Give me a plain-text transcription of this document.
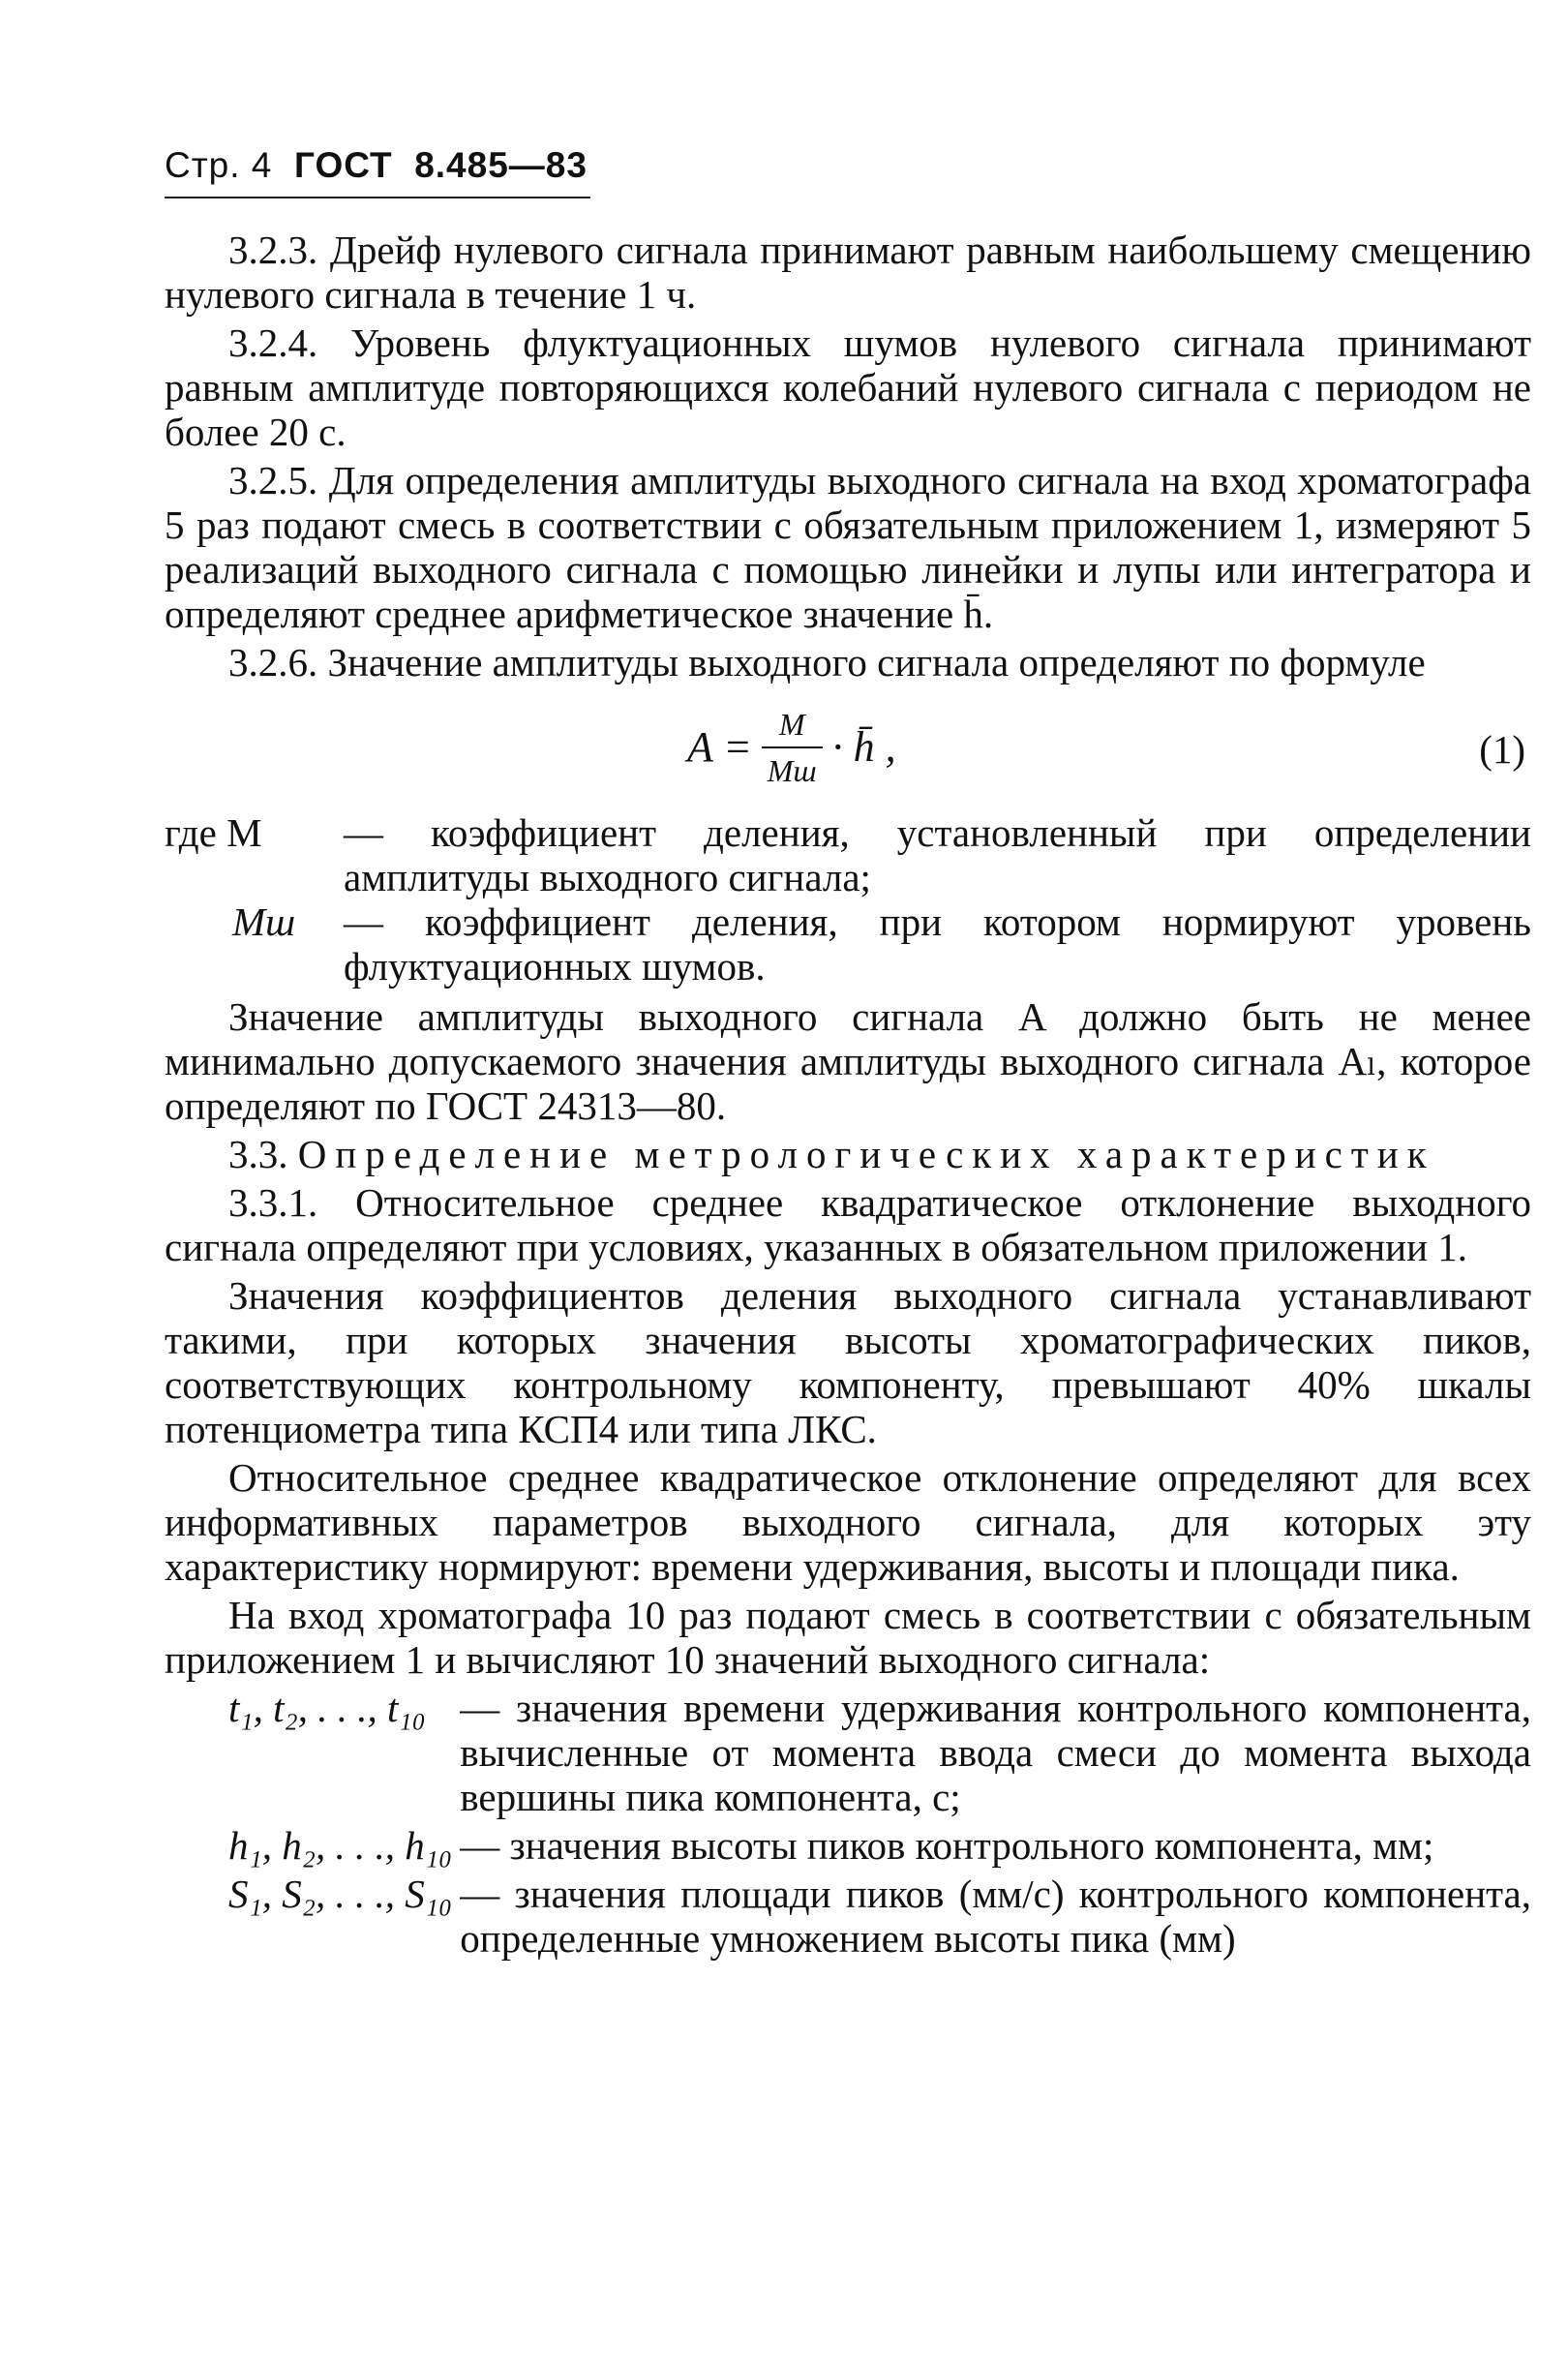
Стр. 4 ГОСТ 8.485—83

3.2.3. Дрейф нулевого сигнала принимают равным наибольшему смещению нулевого сигнала в течение 1 ч.

3.2.4. Уровень флуктуационных шумов нулевого сигнала принимают равным амплитуде повторяющихся колебаний нулевого сигнала с периодом не более 20 с.

3.2.5. Для определения амплитуды выходного сигнала на вход хроматографа 5 раз подают смесь в соответствии с обязательным приложением 1, измеряют 5 реализаций выходного сигнала с помощью линейки и лупы или интегратора и определяют среднее арифметическое значение h̄.

3.2.6. Значение амплитуды выходного сигнала определяют по формуле

$A = \frac{M}{Mш}$ · h̄ ,	(1)
где M	— коэффициент деления, установленный при определении амплитуды выходного сигнала;
Mш	— коэффициент деления, при котором нормируют уровень флуктуационных шумов.

Значение амплитуды выходного сигнала A должно быть не менее минимально допускаемого значения амплитуды выходного сигнала Aₗ, которое определяют по ГОСТ 24313—80.

3.3. Определение метрологических характеристик

3.3.1. Относительное среднее квадратическое отклонение выходного сигнала определяют при условиях, указанных в обязательном приложении 1.

Значения коэффициентов деления выходного сигнала устанавливают такими, при которых значения высоты хроматографических пиков, соответствующих контрольному компоненту, превышают 40% шкалы потенциометра типа КСП4 или типа ЛКС.

Относительное среднее квадратическое отклонение определяют для всех информативных параметров выходного сигнала, для которых эту характеристику нормируют: времени удерживания, высоты и площади пика.

На вход хроматографа 10 раз подают смесь в соответствии с обязательным приложением 1 и вычисляют 10 значений выходного сигнала:

t₁, t₂, . . ., t₁₀ — значения времени удерживания контрольного компонента, вычисленные от момента ввода смеси до момента выхода вершины пика компонента, с;
h₁, h₂, . . ., h₁₀ — значения высоты пиков контрольного компонента, мм;
S₁, S₂, . . ., S₁₀ — значения площади пиков (мм/с) контрольного компонента, определенные умножением высоты пика (мм)
